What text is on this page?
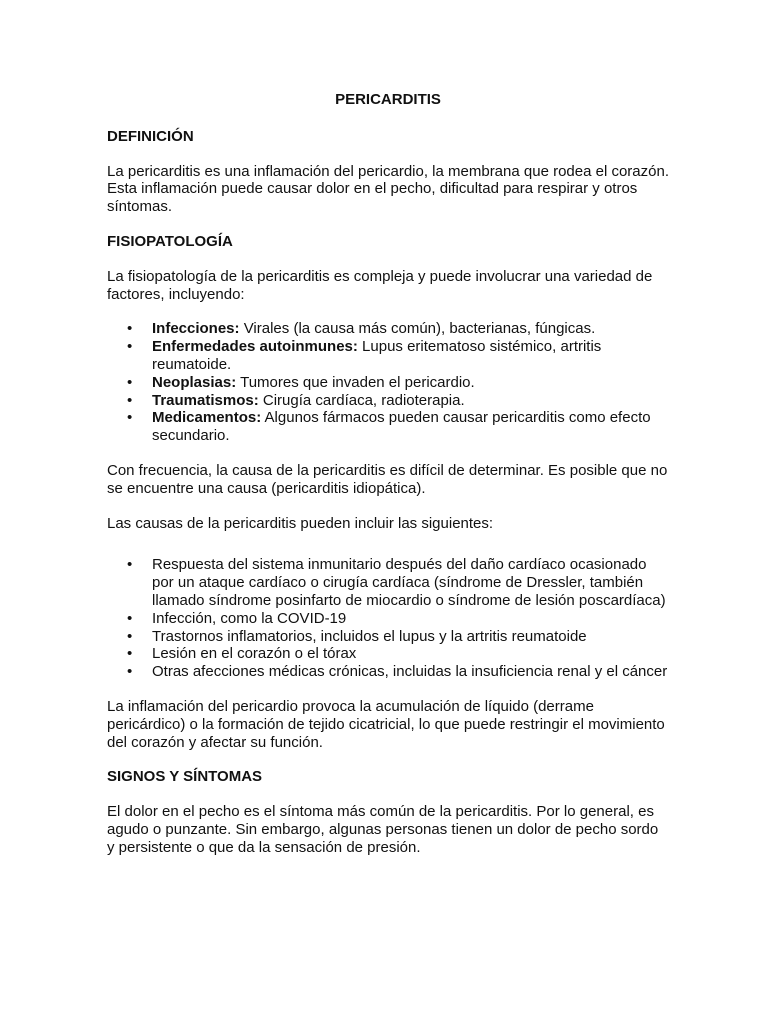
PERICARDITIS
DEFINICIÓN
La pericarditis es una inflamación del pericardio, la membrana que rodea el corazón. Esta inflamación puede causar dolor en el pecho, dificultad para respirar y otros síntomas.
FISIOPATOLOGÍA
La fisiopatología de la pericarditis es compleja y puede involucrar una variedad de factores, incluyendo:
• Infecciones: Virales (la causa más común), bacterianas, fúngicas.
• Enfermedades autoinmunes: Lupus eritematoso sistémico, artritis reumatoide.
• Neoplasias: Tumores que invaden el pericardio.
• Traumatismos: Cirugía cardíaca, radioterapia.
• Medicamentos: Algunos fármacos pueden causar pericarditis como efecto secundario.
Con frecuencia, la causa de la pericarditis es difícil de determinar. Es posible que no se encuentre una causa (pericarditis idiopática).
Las causas de la pericarditis pueden incluir las siguientes:
• Respuesta del sistema inmunitario después del daño cardíaco ocasionado por un ataque cardíaco o cirugía cardíaca (síndrome de Dressler, también llamado síndrome posinfarto de miocardio o síndrome de lesión poscardíaca)
• Infección, como la COVID-19
• Trastornos inflamatorios, incluidos el lupus y la artritis reumatoide
• Lesión en el corazón o el tórax
• Otras afecciones médicas crónicas, incluidas la insuficiencia renal y el cáncer
La inflamación del pericardio provoca la acumulación de líquido (derrame pericárdico) o la formación de tejido cicatricial, lo que puede restringir el movimiento del corazón y afectar su función.
SIGNOS Y SÍNTOMAS
El dolor en el pecho es el síntoma más común de la pericarditis. Por lo general, es agudo o punzante. Sin embargo, algunas personas tienen un dolor de pecho sordo y persistente o que da la sensación de presión.
